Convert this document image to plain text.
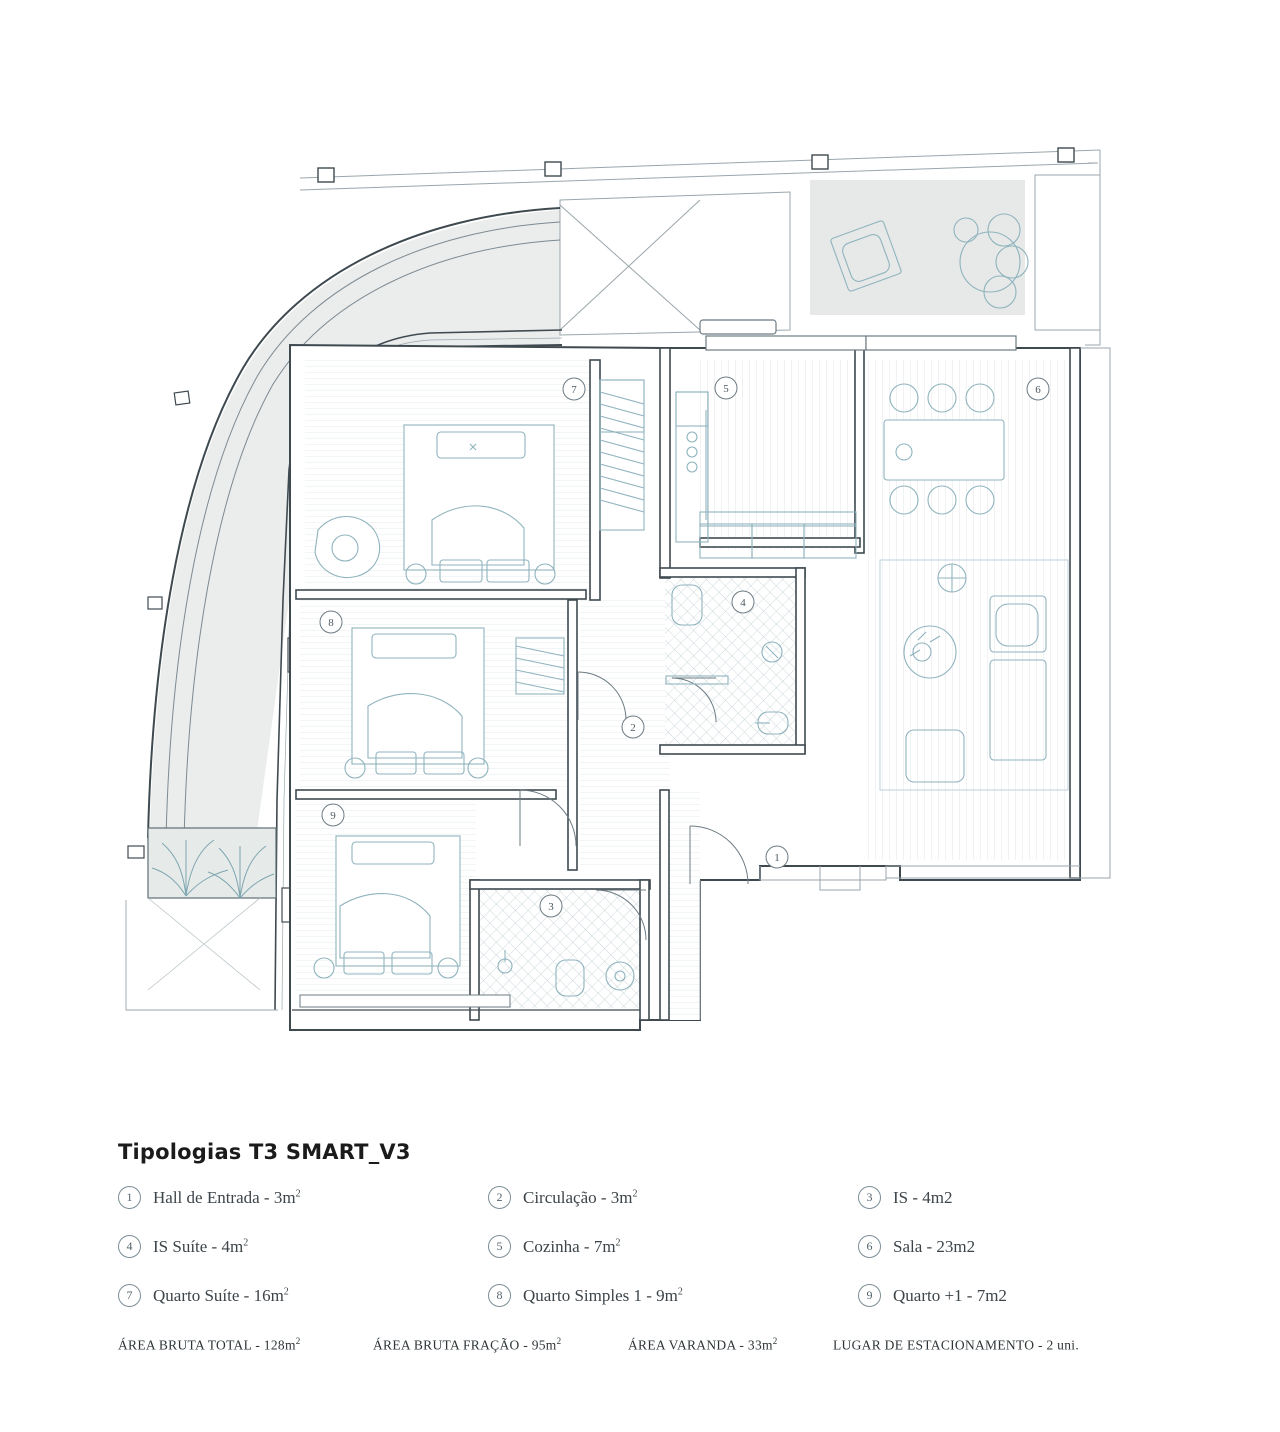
1
2
3
4
5	6
7
8
9
Tipologias T3 SMART_V3
1	Hall de Entrada - $3m^2$	2	Circulação - $3m^2$	3	IS - 4m2
4	IS Suíte - $4m^2$	5	Cozinha - $7m^2$	6	Sala - 23m2
7	Quarto Suíte - $16m^2$	8	Quarto Simples $1 - 9m^2$	9	Quarto +1 - 7m2
ÁREA BRUTA TOTAL - $128m^2$	ÁREA BRUTA FRAÇÃO - $95m^2$	ÁREA VARANDA - $33m^2$	LUGAR DE ESTACIONAMENTO - 2 uni.
